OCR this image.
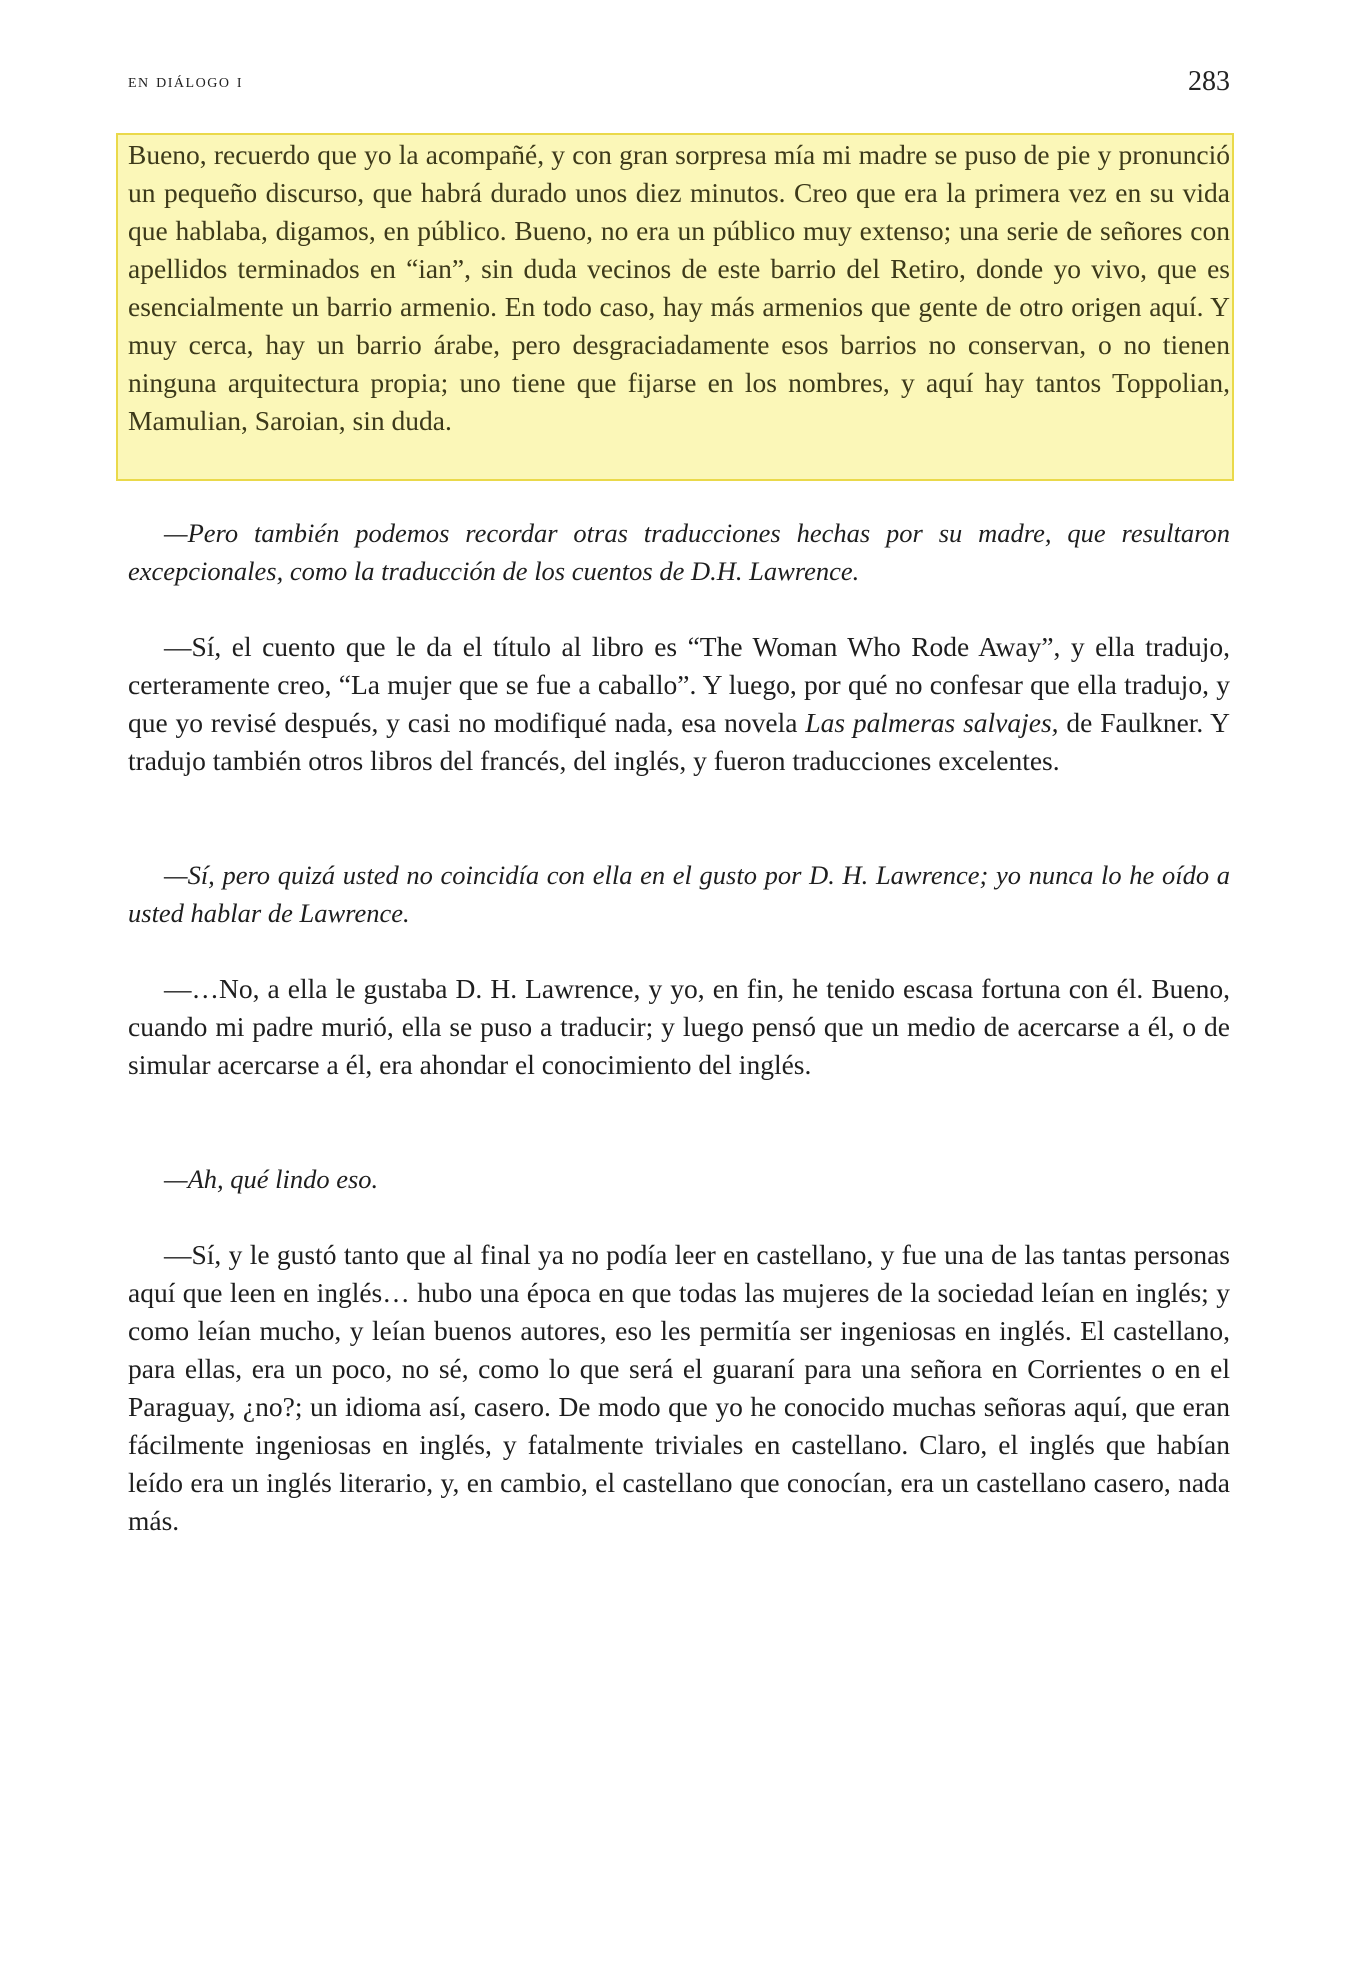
en diálogo i	283

Bueno, recuerdo que yo la acompañé, y con gran sorpresa mía mi madre se puso de pie y pronunció un pequeño discurso, que habrá durado unos diez minutos. Creo que era la primera vez en su vida que hablaba, digamos, en público. Bueno, no era un público muy extenso; una serie de señores con apellidos terminados en “ian”, sin duda vecinos de este barrio del Retiro, donde yo vivo, que es esencialmente un barrio armenio. En todo caso, hay más armenios que gente de otro origen aquí. Y muy cerca, hay un barrio árabe, pero desgraciadamente esos barrios no conservan, o no tienen ninguna arquitectura propia; uno tiene que fijarse en los nombres, y aquí hay tantos Toppolian, Mamulian, Saroian, sin duda.

—Pero también podemos recordar otras traducciones hechas por su madre, que resultaron excepcionales, como la traducción de los cuentos de D.H. Lawrence.

—Sí, el cuento que le da el título al libro es “The Woman Who Rode Away”, y ella tradujo, certeramente creo, “La mujer que se fue a caballo”. Y luego, por qué no confesar que ella tradujo, y que yo revisé después, y casi no modifiqué nada, esa novela Las palmeras salvajes, de Faulkner. Y tradujo también otros libros del francés, del inglés, y fueron traducciones excelentes.

—Sí, pero quizá usted no coincidía con ella en el gusto por D. H. Lawrence; yo nunca lo he oído a usted hablar de Lawrence.

—…No, a ella le gustaba D. H. Lawrence, y yo, en fin, he tenido escasa fortuna con él. Bueno, cuando mi padre murió, ella se puso a traducir; y luego pensó que un medio de acercarse a él, o de simular acercarse a él, era ahondar el conocimiento del inglés.

—Ah, qué lindo eso.

—Sí, y le gustó tanto que al final ya no podía leer en castellano, y fue una de las tantas personas aquí que leen en inglés… hubo una época en que todas las mujeres de la sociedad leían en inglés; y como leían mucho, y leían buenos autores, eso les permitía ser ingeniosas en inglés. El castellano, para ellas, era un poco, no sé, como lo que será el guaraní para una señora en Corrientes o en el Paraguay, ¿no?; un idioma así, casero. De modo que yo he conocido muchas señoras aquí, que eran fácilmente ingeniosas en inglés, y fatalmente triviales en castellano. Claro, el inglés que habían leído era un inglés literario, y, en cambio, el castellano que conocían, era un castellano casero, nada más.
